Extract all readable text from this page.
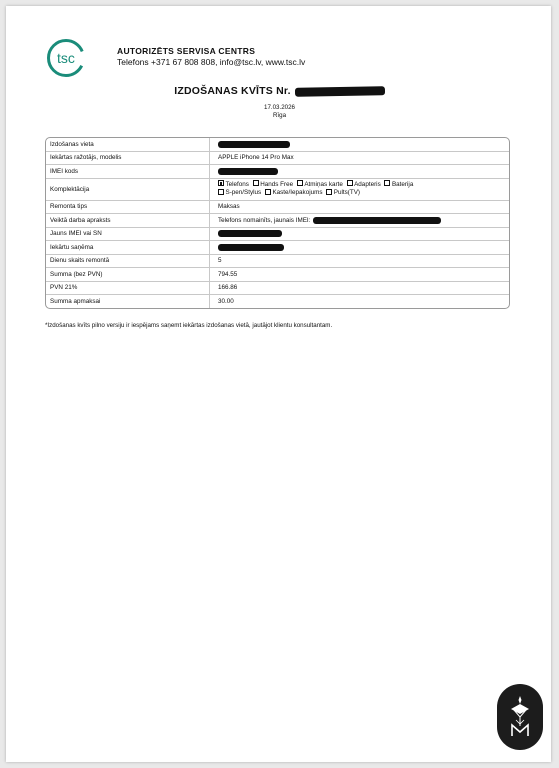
tsc	AUTORIZĒTS SERVISA CENTRS
Telefons +371 67 808 808, info@tsc.lv, www.tsc.lv
IZDOŠANAS KVĪTS Nr.
17.03.2026
Rīga
Izdošanas vieta	
Iekārtas ražotājs, modelis	APPLE iPhone 14 Pro Max
IMEI kods	
Komplektācija	Telefons Hands Free Atmiņas karte Adapteris Baterija
S-pen/Stylus Kaste/Iepakojums Pults(TV)

Remonta tips	Maksas
Veiktā darba apraksts	Telefons nomainīts, jaunais IMEI:
Jauns IMEI vai SN	
Iekārtu saņēma	
Dienu skaits remontā	5
Summa (bez PVN)	794.55
PVN 21%	166.86
Summa apmaksai	30.00
*Izdošanas kvīts pilno versiju ir iespējams saņemt iekārtas izdošanas vietā, jautājot klientu konsultantam.
